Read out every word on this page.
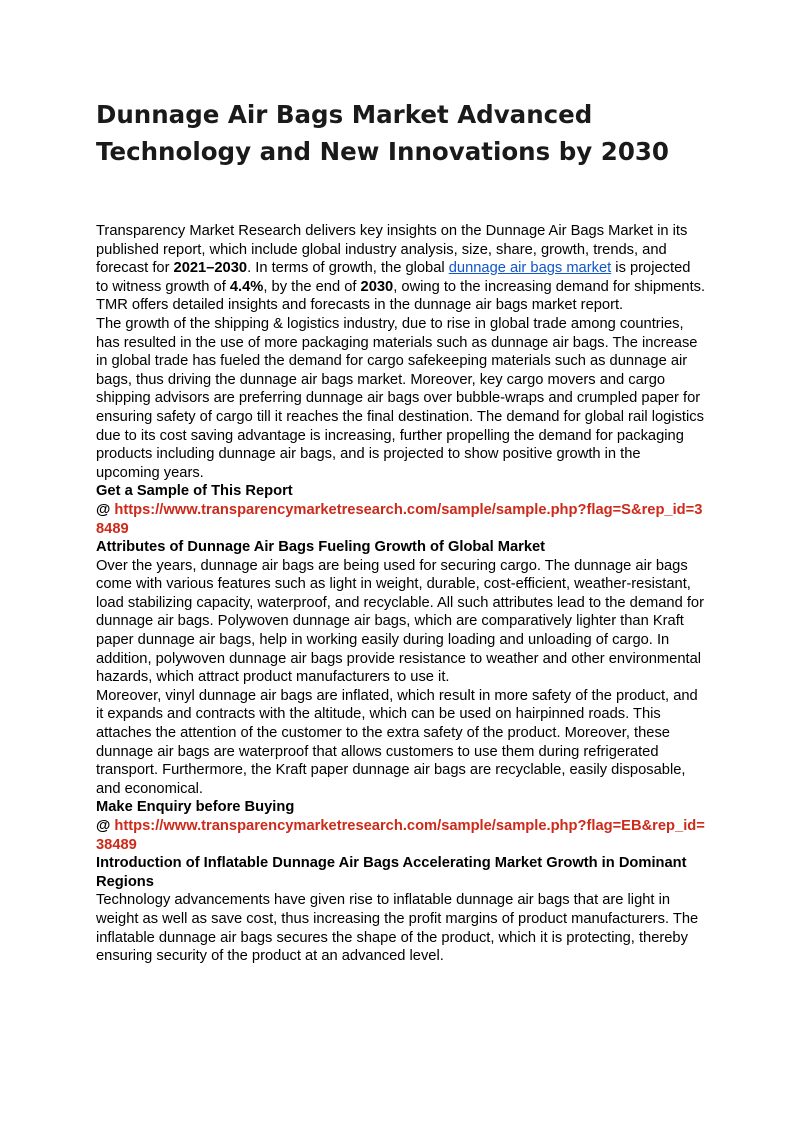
Dunnage Air Bags Market Advanced Technology and New Innovations by 2030

Transparency Market Research delivers key insights on the Dunnage Air Bags Market in its published report, which include global industry analysis, size, share, growth, trends, and forecast for 2021–2030. In terms of growth, the global dunnage air bags market is projected to witness growth of 4.4%, by the end of 2030, owing to the increasing demand for shipments. TMR offers detailed insights and forecasts in the dunnage air bags market report.

The growth of the shipping & logistics industry, due to rise in global trade among countries, has resulted in the use of more packaging materials such as dunnage air bags. The increase in global trade has fueled the demand for cargo safekeeping materials such as dunnage air bags, thus driving the dunnage air bags market. Moreover, key cargo movers and cargo shipping advisors are preferring dunnage air bags over bubble-wraps and crumpled paper for ensuring safety of cargo till it reaches the final destination. The demand for global rail logistics due to its cost saving advantage is increasing, further propelling the demand for packaging products including dunnage air bags, and is projected to show positive growth in the upcoming years.

Get a Sample of This Report

@ https://www.transparencymarketresearch.com/sample/sample.php?flag=S&rep_id=38489

Attributes of Dunnage Air Bags Fueling Growth of Global Market

Over the years, dunnage air bags are being used for securing cargo. The dunnage air bags come with various features such as light in weight, durable, cost-efficient, weather-resistant, load stabilizing capacity, waterproof, and recyclable. All such attributes lead to the demand for dunnage air bags. Polywoven dunnage air bags, which are comparatively lighter than Kraft paper dunnage air bags, help in working easily during loading and unloading of cargo. In addition, polywoven dunnage air bags provide resistance to weather and other environmental hazards, which attract product manufacturers to use it.

Moreover, vinyl dunnage air bags are inflated, which result in more safety of the product, and it expands and contracts with the altitude, which can be used on hairpinned roads. This attaches the attention of the customer to the extra safety of the product. Moreover, these dunnage air bags are waterproof that allows customers to use them during refrigerated transport. Furthermore, the Kraft paper dunnage air bags are recyclable, easily disposable, and economical.

Make Enquiry before Buying

@ https://www.transparencymarketresearch.com/sample/sample.php?flag=EB&rep_id=38489

Introduction of Inflatable Dunnage Air Bags Accelerating Market Growth in Dominant Regions

Technology advancements have given rise to inflatable dunnage air bags that are light in weight as well as save cost, thus increasing the profit margins of product manufacturers. The inflatable dunnage air bags secures the shape of the product, which it is protecting, thereby ensuring security of the product at an advanced level.
